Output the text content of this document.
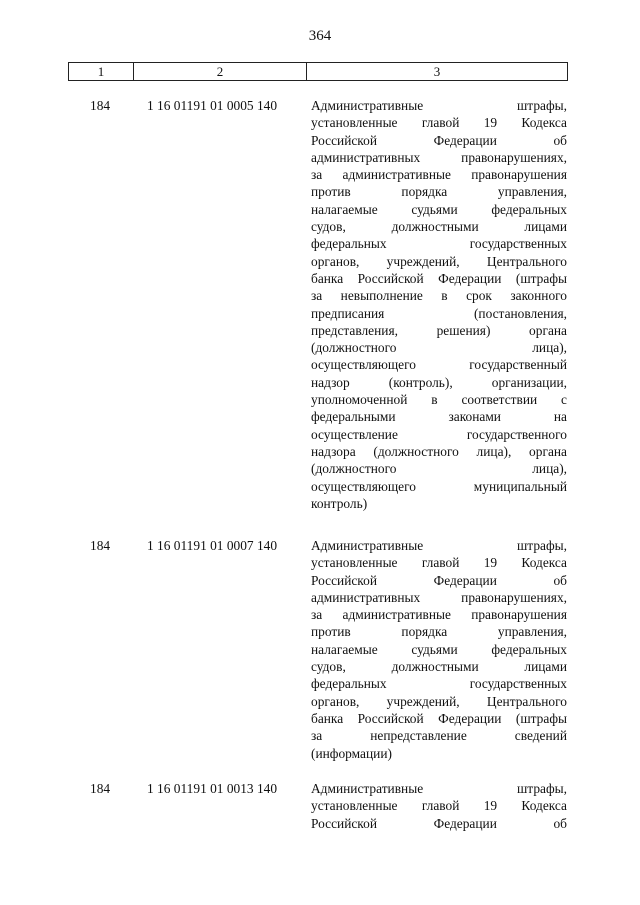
364
1	2	3
184	1 16 01191 01 0005 140	Административные штрафы,
установленные главой 19 Кодекса
Российской Федерации об
административных правонарушениях,
за административные правонарушения
против порядка управления,
налагаемые судьями федеральных
судов, должностными лицами
федеральных государственных
органов, учреждений, Центрального
банка Российской Федерации (штрафы
за невыполнение в срок законного
предписания (постановления,
представления, решения) органа
(должностного лица),
осуществляющего государственный
надзор (контроль), организации,
уполномоченной в соответствии с
федеральными законами на
осуществление государственного
надзора (должностного лица), органа
(должностного лица),
осуществляющего муниципальный
контроль)
184	1 16 01191 01 0007 140	Административные штрафы,
установленные главой 19 Кодекса
Российской Федерации об
административных правонарушениях,
за административные правонарушения
против порядка управления,
налагаемые судьями федеральных
судов, должностными лицами
федеральных государственных
органов, учреждений, Центрального
банка Российской Федерации (штрафы
за непредставление сведений
(информации)
184	1 16 01191 01 0013 140	Административные штрафы,
установленные главой 19 Кодекса
Российской Федерации об
